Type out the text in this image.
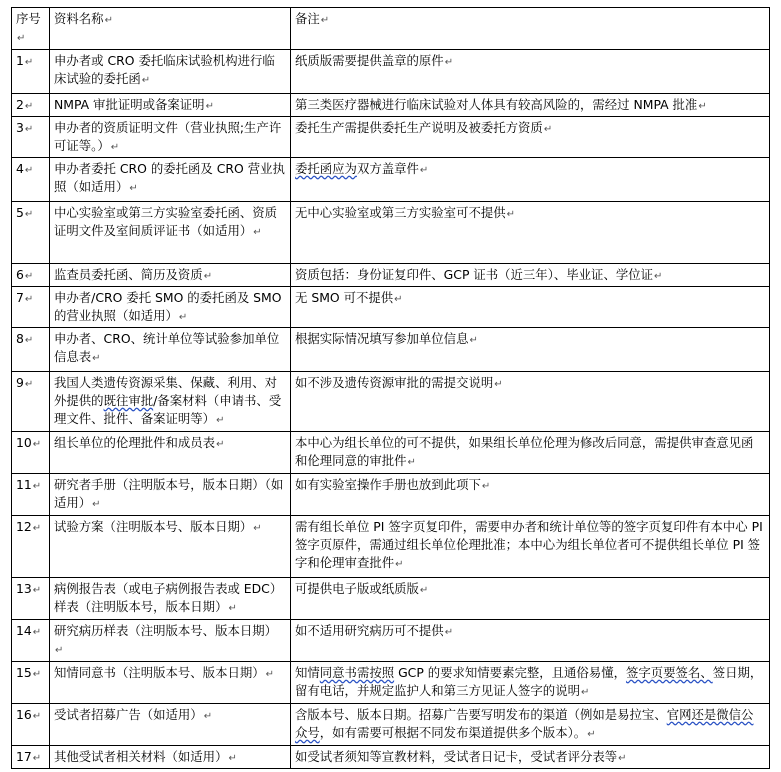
序号↵	资料名称↵	备注↵
1↵	申办者或 CRO 委托临床试验机构进行临床试验的委托函↵	纸质版需要提供盖章的原件↵
2↵	NMPA 审批证明或备案证明↵	第三类医疗器械进行临床试验对人体具有较高风险的，需经过 NMPA 批准↵
3↵	申办者的资质证明文件（营业执照;生产许可证等。）↵	委托生产需提供委托生产说明及被委托方资质↵
4↵	申办者委托 CRO 的委托函及 CRO 营业执照（如适用）↵	委托函应为双方盖章件↵
5↵	中心实验室或第三方实验室委托函、资质证明文件及室间质评证书（如适用）↵	无中心实验室或第三方实验室可不提供↵
6↵	监查员委托函、简历及资质↵	资质包括：身份证复印件、GCP 证书（近三年）、毕业证、学位证↵
7↵	申办者/CRO 委托 SMO 的委托函及 SMO 的营业执照（如适用）↵	无 SMO 可不提供↵
8↵	申办者、CRO、统计单位等试验参加单位信息表↵	根据实际情况填写参加单位信息↵
9↵	我国人类遗传资源采集、保藏、利用、对外提供的既往审批/备案材料（申请书、受理文件、批件、备案证明等）↵	如不涉及遗传资源审批的需提交说明↵
10↵	组长单位的伦理批件和成员表↵	本中心为组长单位的可不提供，如果组长单位伦理为修改后同意，需提供审查意见函和伦理同意的审批件↵
11↵	研究者手册（注明版本号，版本日期）（如适用）↵	如有实验室操作手册也放到此项下↵
12↵	试验方案（注明版本号、版本日期）↵	需有组长单位 PI 签字页复印件，需要申办者和统计单位等的签字页复印件有本中心 PI 签字页原件，需通过组长单位伦理批准；本中心为组长单位者可不提供组长单位 PI 签字和伦理审查批件↵
13↵	病例报告表（或电子病例报告表或 EDC）样表（注明版本号，版本日期）↵	可提供电子版或纸质版↵
14↵	研究病历样表（注明版本号、版本日期）↵	如不适用研究病历可不提供↵
15↵	知情同意书（注明版本号、版本日期）↵	知情同意书需按照 GCP 的要求知情要素完整，且通俗易懂，签字页要签名、签日期，留有电话，并规定监护人和第三方见证人签字的说明↵
16↵	受试者招募广告（如适用）↵	含版本号、版本日期。招募广告要写明发布的渠道（例如是易拉宝、官网还是微信公众号，如有需要可根据不同发布渠道提供多个版本）。↵
17↵	其他受试者相关材料（如适用）↵	如受试者须知等宣教材料，受试者日记卡，受试者评分表等↵
